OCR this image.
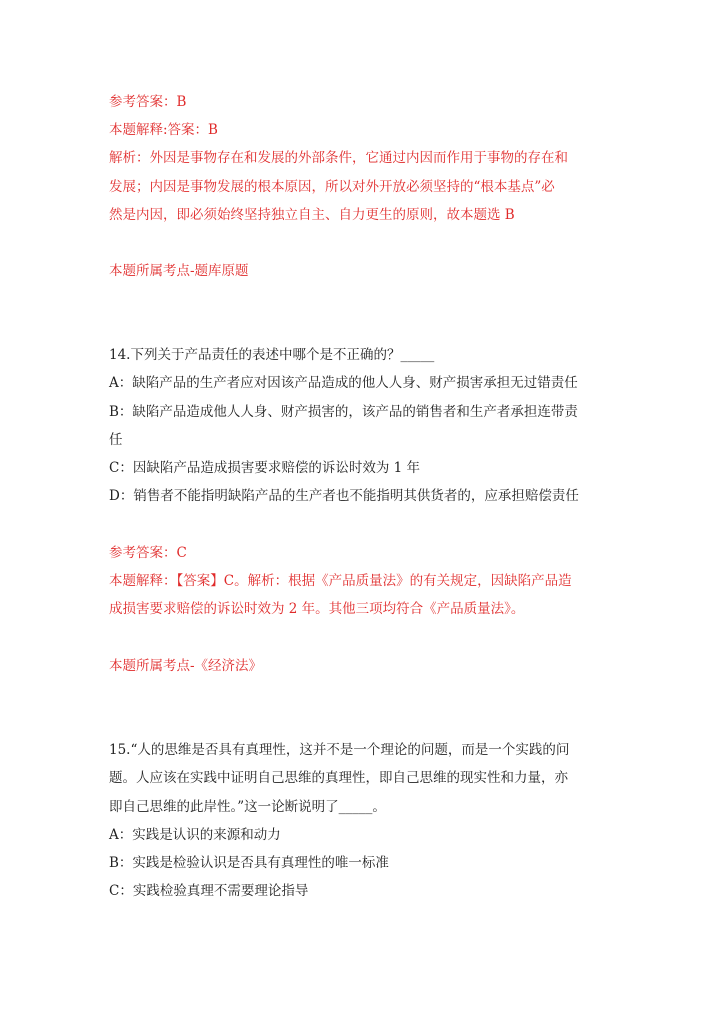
参考答案：B
本题解释:答案：B
解析：外因是事物存在和发展的外部条件，它通过内因而作用于事物的存在和
发展；内因是事物发展的根本原因，所以对外开放必须坚持的“根本基点”必
然是内因，即必须始终坚持独立自主、自力更生的原则，故本题选 B
本题所属考点-题库原题
14.下列关于产品责任的表述中哪个是不正确的？_____
A：缺陷产品的生产者应对因该产品造成的他人人身、财产损害承担无过错责任
B：缺陷产品造成他人人身、财产损害的，该产品的销售者和生产者承担连带责
任
C：因缺陷产品造成损害要求赔偿的诉讼时效为 1 年
D：销售者不能指明缺陷产品的生产者也不能指明其供货者的，应承担赔偿责任
参考答案：C
本题解释：【答案】C。解析：根据《产品质量法》的有关规定，因缺陷产品造
成损害要求赔偿的诉讼时效为 2 年。其他三项均符合《产品质量法》。
本题所属考点-《经济法》
15.“人的思维是否具有真理性，这并不是一个理论的问题，而是一个实践的问
题。人应该在实践中证明自己思维的真理性，即自己思维的现实性和力量，亦
即自己思维的此岸性。”这一论断说明了_____。
A：实践是认识的来源和动力
B：实践是检验认识是否具有真理性的唯一标准
C：实践检验真理不需要理论指导
